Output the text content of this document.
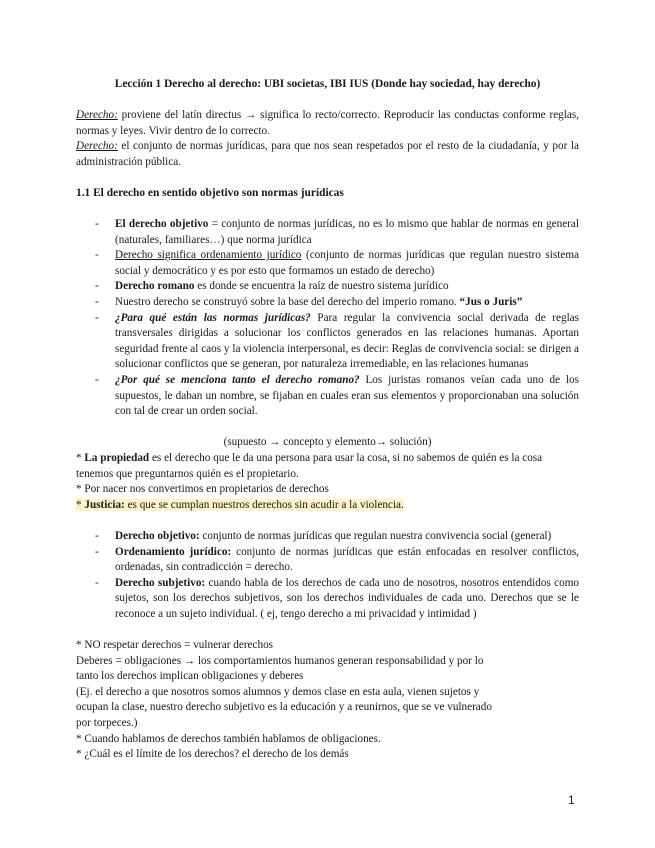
Lección 1 Derecho al derecho: UBI societas, IBI IUS (Donde hay sociedad, hay derecho)
Derecho: proviene del latín directus → significa lo recto/correcto. Reproducir las conductas conforme reglas, normas y leyes. Vivir dentro de lo correcto.
Derecho: el conjunto de normas jurídicas, para que nos sean respetados por el resto de la ciudadanía, y por la administración pública.
1.1 El derecho en sentido objetivo son normas jurídicas
- El derecho objetivo = conjunto de normas jurídicas, no es lo mismo que hablar de normas en general (naturales, familiares…) que norma jurídica
- Derecho significa ordenamiento jurídico (conjunto de normas jurídicas que regulan nuestro sistema social y democrático y es por esto que formamos un estado de derecho)
- Derecho romano es donde se encuentra la raíz de nuestro sistema jurídico
- Nuestro derecho se construyó sobre la base del derecho del imperio romano. “Jus o Juris”
- ¿Para qué están las normas jurídicas? Para regular la convivencia social derivada de reglas transversales dirigidas a solucionar los conflictos generados en las relaciones humanas. Aportan seguridad frente al caos y la violencia interpersonal, es decir: Reglas de convivencia social: se dirigen a solucionar conflictos que se generan, por naturaleza irremediable, en las relaciones humanas
- ¿Por qué se menciona tanto el derecho romano? Los juristas romanos veían cada uno de los supuestos, le daban un nombre, se fijaban en cuales eran sus elementos y proporcionaban una solución con tal de crear un orden social.
(supuesto → concepto y elemento→ solución)
* La propiedad es el derecho que le da una persona para usar la cosa, si no sabemos de quién es la cosa
tenemos que preguntarnos quién es el propietario.
* Por nacer nos convertimos en propietarios de derechos
* Justicia: es que se cumplan nuestros derechos sin acudir a la violencia.
- Derecho objetivo: conjunto de normas jurídicas que regulan nuestra convivencia social (general)
- Ordenamiento jurídico: conjunto de normas jurídicas que están enfocadas en resolver conflictos, ordenadas, sin contradicción = derecho.
- Derecho subjetivo: cuando habla de los derechos de cada uno de nosotros, nosotros entendidos como sujetos, son los derechos subjetivos, son los derechos individuales de cada uno. Derechos que se le reconoce a un sujeto individual. ( ej, tengo derecho a mi privacidad y intimidad )
* NO respetar derechos = vulnerar derechos
Deberes = obligaciones → los comportamientos humanos generan responsabilidad y por lo
tanto los derechos implican obligaciones y deberes
(Ej. el derecho a que nosotros somos alumnos y demos clase en esta aula, vienen sujetos y
ocupan la clase, nuestro derecho subjetivo es la educación y a reunirnos, que se ve vulnerado
por torpeces.)
* Cuando hablamos de derechos también hablamos de obligaciones.
* ¿Cuál es el límite de los derechos? el derecho de los demás
1
